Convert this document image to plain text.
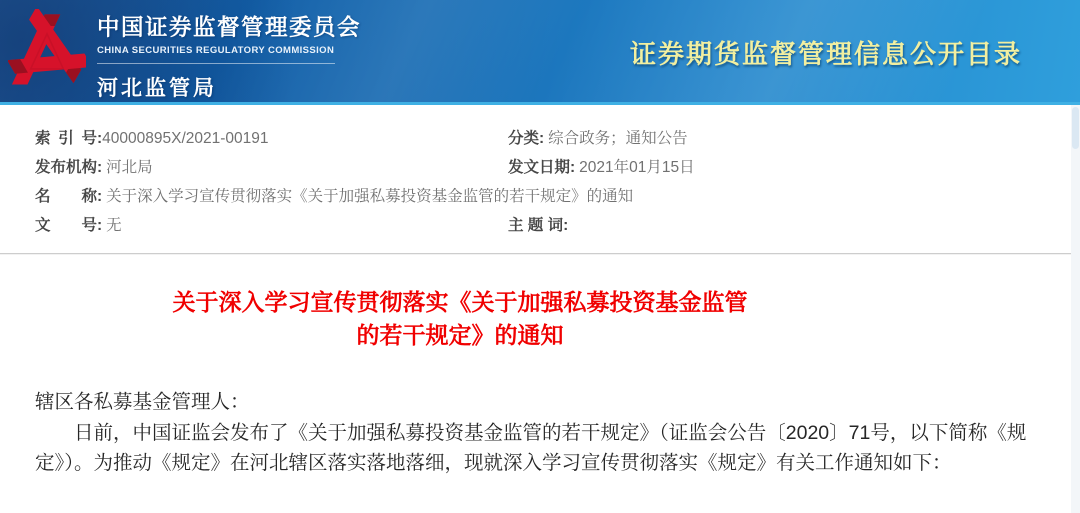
中国证券监督管理委员会
CHINA SECURITIES REGULATORY COMMISSION
河北监管局
证券期货监督管理信息公开目录
索引号:40000895X/2021-00191	分类: 综合政务；通知公告
发布机构: 河北局	发文日期: 2021年01月15日
名称: 关于深入学习宣传贯彻落实《关于加强私募投资基金监管的若干规定》的通知
文号: 无	主 题 词:
关于深入学习宣传贯彻落实《关于加强私募投资基金监管
的若干规定》的通知
辖区各私募基金管理人：
日前，中国证监会发布了《关于加强私募投资基金监管的若干规定》（证监会公告〔2020〕71号，以下简称《规定》）。为推动《规定》在河北辖区落实落地落细，现就深入学习宣传贯彻落实《规定》有关工作通知如下：
